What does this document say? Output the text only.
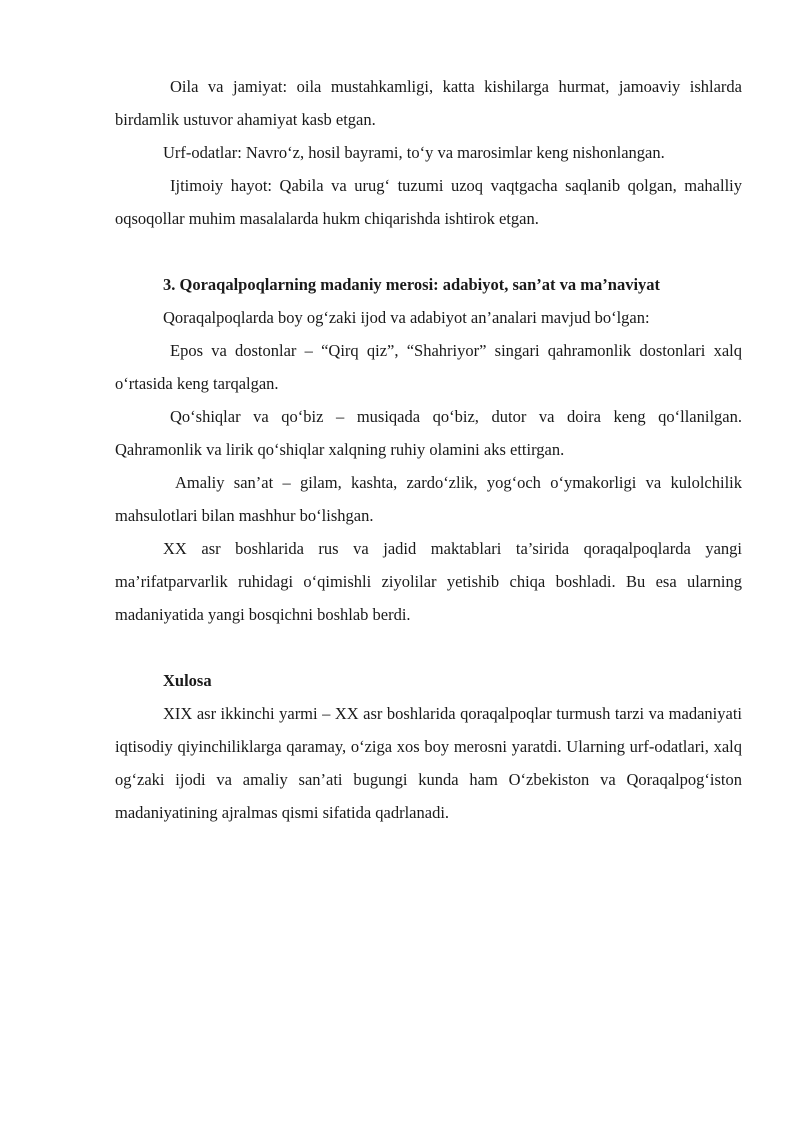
Oila va jamiyat: oila mustahkamligi, katta kishilarga hurmat, jamoaviy ishlarda birdamlik ustuvor ahamiyat kasb etgan.

Urf-odatlar: Navro‘z, hosil bayrami, to‘y va marosimlar keng nishonlangan.

Ijtimoiy hayot: Qabila va urug‘ tuzumi uzoq vaqtgacha saqlanib qolgan, mahalliy oqsoqollar muhim masalalarda hukm chiqarishda ishtirok etgan.

3. Qoraqalpoqlarning madaniy merosi: adabiyot, san’at va ma’naviyat

Qoraqalpoqlarda boy og‘zaki ijod va adabiyot an’analari mavjud bo‘lgan:

Epos va dostonlar – “Qirq qiz”, “Shahriyor” singari qahramonlik dostonlari xalq o‘rtasida keng tarqalgan.

Qo‘shiqlar va qo‘biz – musiqada qo‘biz, dutor va doira keng qo‘llanilgan. Qahramonlik va lirik qo‘shiqlar xalqning ruhiy olamini aks ettirgan.

Amaliy san’at – gilam, kashta, zardo‘zlik, yog‘och o‘ymakorligi va kulolchilik mahsulotlari bilan mashhur bo‘lishgan.

XX asr boshlarida rus va jadid maktablari ta’sirida qoraqalpoqlarda yangi ma’rifatparvarlik ruhidagi o‘qimishli ziyolilar yetishib chiqa boshladi. Bu esa ularning madaniyatida yangi bosqichni boshlab berdi.

Xulosa

XIX asr ikkinchi yarmi – XX asr boshlarida qoraqalpoqlar turmush tarzi va madaniyati iqtisodiy qiyinchiliklarga qaramay, o‘ziga xos boy merosni yaratdi. Ularning urf-odatlari, xalq og‘zaki ijodi va amaliy san’ati bugungi kunda ham O‘zbekiston va Qoraqalpog‘iston madaniyatining ajralmas qismi sifatida qadrlanadi.
